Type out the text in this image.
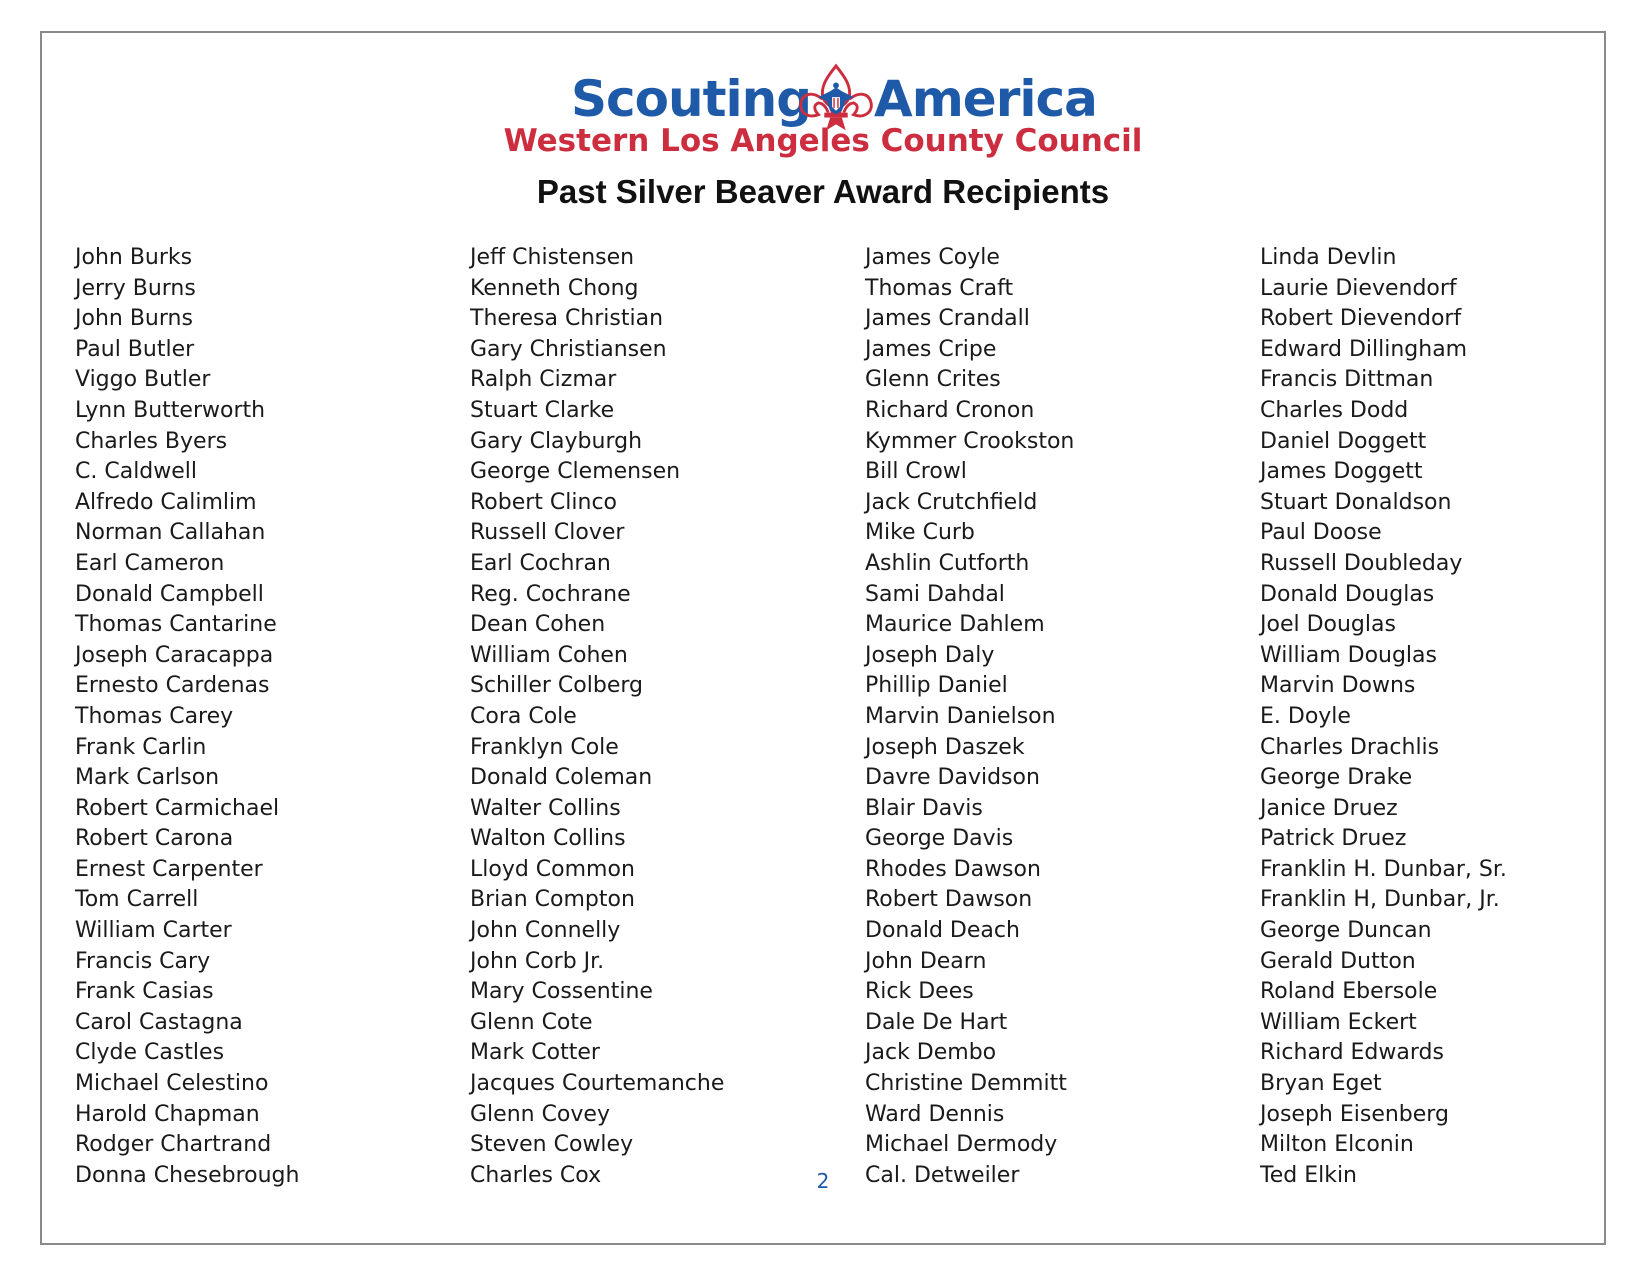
Scouting America
Western Los Angeles County Council
Past Silver Beaver Award Recipients
John Burks
Jerry Burns
John Burns
Paul Butler
Viggo Butler
Lynn Butterworth
Charles Byers
C. Caldwell
Alfredo Calimlim
Norman Callahan
Earl Cameron
Donald Campbell
Thomas Cantarine
Joseph Caracappa
Ernesto Cardenas
Thomas Carey
Frank Carlin
Mark Carlson
Robert Carmichael
Robert Carona
Ernest Carpenter
Tom Carrell
William Carter
Francis Cary
Frank Casias
Carol Castagna
Clyde Castles
Michael Celestino
Harold Chapman
Rodger Chartrand
Donna Chesebrough
Jeff Chistensen
Kenneth Chong
Theresa Christian
Gary Christiansen
Ralph Cizmar
Stuart Clarke
Gary Clayburgh
George Clemensen
Robert Clinco
Russell Clover
Earl Cochran
Reg. Cochrane
Dean Cohen
William Cohen
Schiller Colberg
Cora Cole
Franklyn Cole
Donald Coleman
Walter Collins
Walton Collins
Lloyd Common
Brian Compton
John Connelly
John Corb Jr.
Mary Cossentine
Glenn Cote
Mark Cotter
Jacques Courtemanche
Glenn Covey
Steven Cowley
Charles Cox
James Coyle
Thomas Craft
James Crandall
James Cripe
Glenn Crites
Richard Cronon
Kymmer Crookston
Bill Crowl
Jack Crutchfield
Mike Curb
Ashlin Cutforth
Sami Dahdal
Maurice Dahlem
Joseph Daly
Phillip Daniel
Marvin Danielson
Joseph Daszek
Davre Davidson
Blair Davis
George Davis
Rhodes Dawson
Robert Dawson
Donald Deach
John Dearn
Rick Dees
Dale De Hart
Jack Dembo
Christine Demmitt
Ward Dennis
Michael Dermody
Cal. Detweiler
Linda Devlin
Laurie Dievendorf
Robert Dievendorf
Edward Dillingham
Francis Dittman
Charles Dodd
Daniel Doggett
James Doggett
Stuart Donaldson
Paul Doose
Russell Doubleday
Donald Douglas
Joel Douglas
William Douglas
Marvin Downs
E. Doyle
Charles Drachlis
George Drake
Janice Druez
Patrick Druez
Franklin H. Dunbar, Sr.
Franklin H, Dunbar, Jr.
George Duncan
Gerald Dutton
Roland Ebersole
William Eckert
Richard Edwards
Bryan Eget
Joseph Eisenberg
Milton Elconin
Ted Elkin
2
